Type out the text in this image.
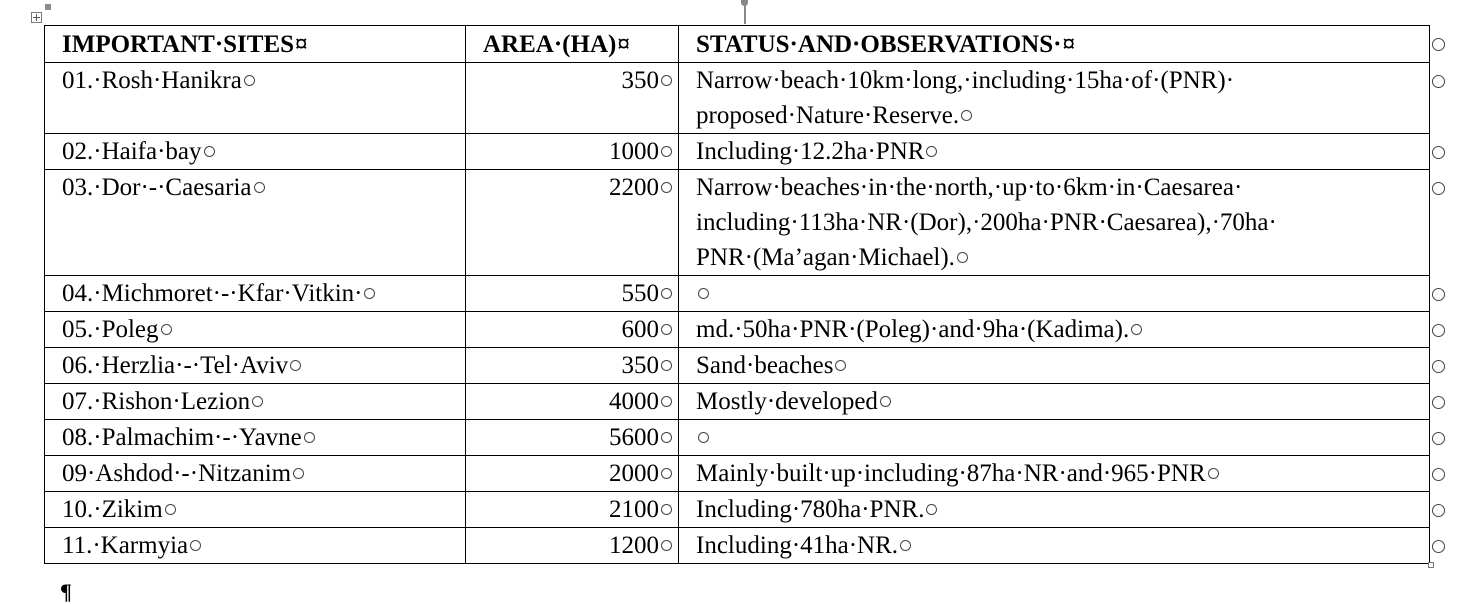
IMPORTANT·SITES¤	AREA·(HA)¤	STATUS·AND·OBSERVATIONS·¤
01.·Rosh·Hanikra	350	Narrow·beach·10km·long,·including·15ha·of·(PNR)· proposed·Nature·Reserve.
02.·Haifa·bay	1000	Including·12.2ha·PNR
03.·Dor·-·Caesaria	2200	Narrow·beaches·in·the·north,·up·to·6km·in·Caesarea· including·113ha·NR·(Dor),·200ha·PNR·Caesarea),·70ha· PNR·(Ma’agan·Michael).
04.·Michmoret·-·Kfar·Vitkin·	550	
05.·Poleg	600	md.·50ha·PNR·(Poleg)·and·9ha·(Kadima).
06.·Herzlia·-·Tel·Aviv	350	Sand·beaches
07.·Rishon·Lezion	4000	Mostly·developed
08.·Palmachim·-·Yavne	5600	
09·Ashdod·-·Nitzanim	2000	Mainly·built·up·including·87ha·NR·and·965·PNR
10.·Zikim	2100	Including·780ha·PNR.
11.·Karmyia	1200	Including·41ha·NR.
¶
